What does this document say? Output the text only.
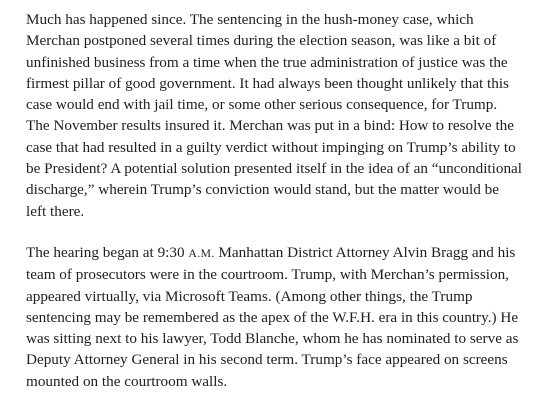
Much has happened since. The sentencing in the hush-money case, which Merchan postponed several times during the election season, was like a bit of unfinished business from a time when the true administration of justice was the firmest pillar of good government. It had always been thought unlikely that this case would end with jail time, or some other serious consequence, for Trump. The November results insured it. Merchan was put in a bind: How to resolve the case that had resulted in a guilty verdict without impinging on Trump’s ability to be President? A potential solution presented itself in the idea of an “unconditional discharge,” wherein Trump’s conviction would stand, but the matter would be left there.

The hearing began at 9:30 A.M. Manhattan District Attorney Alvin Bragg and his team of prosecutors were in the courtroom. Trump, with Merchan’s permission, appeared virtually, via Microsoft Teams. (Among other things, the Trump sentencing may be remembered as the apex of the W.F.H. era in this country.) He was sitting next to his lawyer, Todd Blanche, whom he has nominated to serve as Deputy Attorney General in his second term. Trump’s face appeared on screens mounted on the courtroom walls.
